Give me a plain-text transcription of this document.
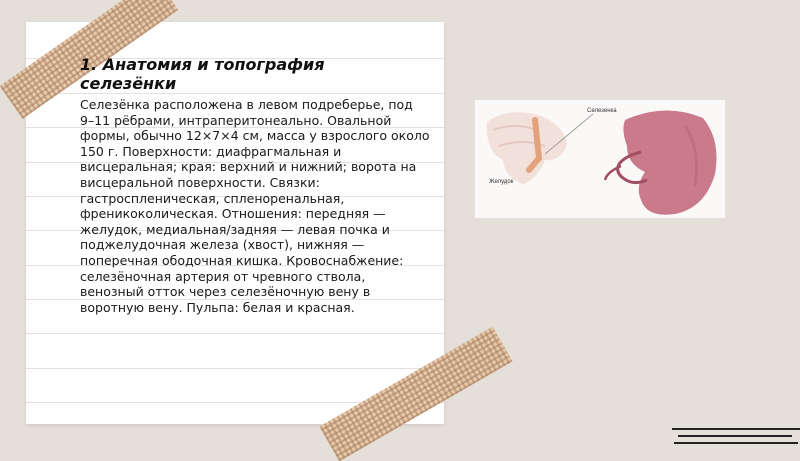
1. Анатомия и топография селезёнки
Селезёнка расположена в левом подреберье, под 9–11 рёбрами, интраперитонеально. Овальной формы, обычно 12×7×4 см, масса у взрослого около 150 г. Поверхности: диафрагмальная и висцеральная; края: верхний и нижний; ворота на висцеральной поверхности. Связки: гастроспленическая, спленоренальная, френикоколическая. Отношения: передняя — желудок, медиальная/задняя — левая почка и поджелудочная железа (хвост), нижняя — поперечная ободочная кишка. Кровоснабжение: селезёночная артерия от чревного ствола, венозный отток через селезёночную вену в воротную вену. Пульпа: белая и красная.
Селезенка
Желудок
